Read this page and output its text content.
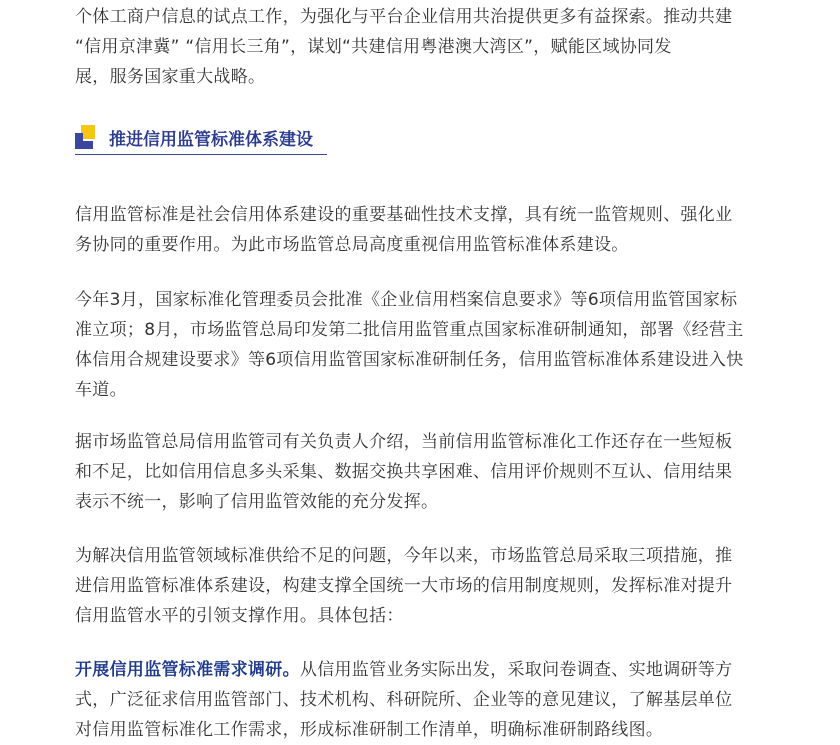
个体工商户信息的试点工作，为强化与平台企业信用共治提供更多有益探索。推动共建
“信用京津冀” “信用长三角”，谋划“共建信用粤港澳大湾区”，赋能区域协同发
展，服务国家重大战略。

推进信用监管标准体系建设

信用监管标准是社会信用体系建设的重要基础性技术支撑，具有统一监管规则、强化业
务协同的重要作用。为此市场监管总局高度重视信用监管标准体系建设。

今年3月，国家标准化管理委员会批准《企业信用档案信息要求》等6项信用监管国家标
准立项；8月，市场监管总局印发第二批信用监管重点国家标准研制通知，部署《经营主
体信用合规建设要求》等6项信用监管国家标准研制任务，信用监管标准体系建设进入快
车道。

据市场监管总局信用监管司有关负责人介绍，当前信用监管标准化工作还存在一些短板
和不足，比如信用信息多头采集、数据交换共享困难、信用评价规则不互认、信用结果
表示不统一，影响了信用监管效能的充分发挥。

为解决信用监管领域标准供给不足的问题，今年以来，市场监管总局采取三项措施，推
进信用监管标准体系建设，构建支撑全国统一大市场的信用制度规则，发挥标准对提升
信用监管水平的引领支撑作用。具体包括：

开展信用监管标准需求调研。从信用监管业务实际出发，采取问卷调查、实地调研等方
式，广泛征求信用监管部门、技术机构、科研院所、企业等的意见建议，了解基层单位
对信用监管标准化工作需求，形成标准研制工作清单，明确标准研制路线图。
